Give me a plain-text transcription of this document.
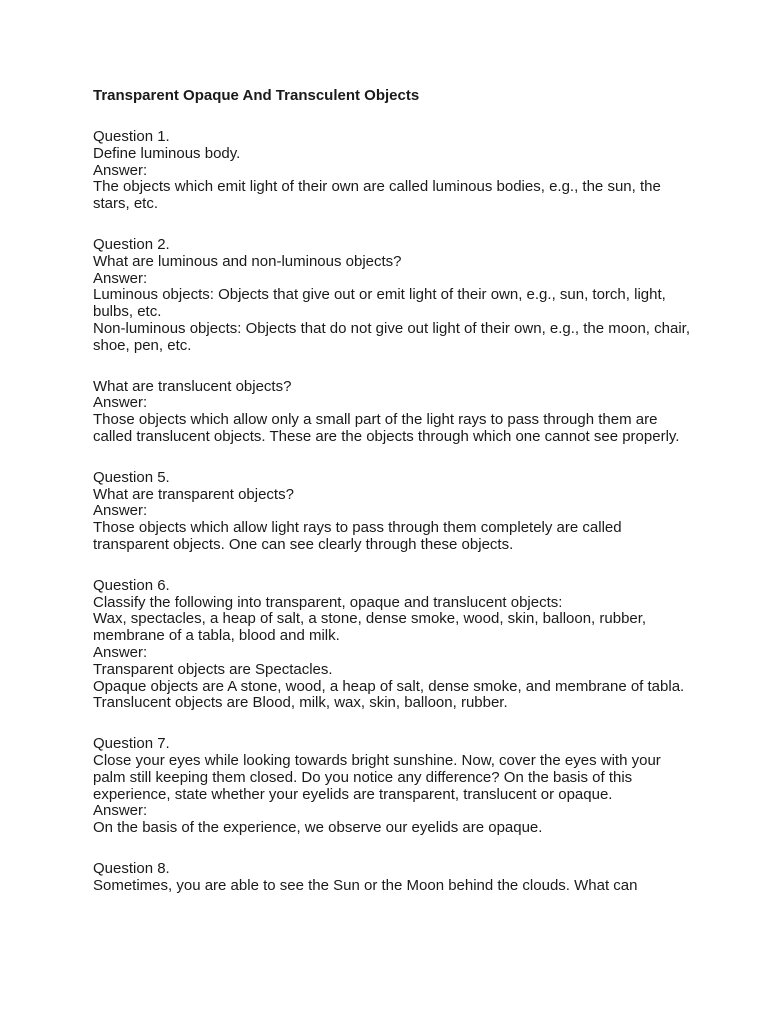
Transparent Opaque And Transculent Objects
Question 1.
Define luminous body.
Answer:
The objects which emit light of their own are called luminous bodies, e.g., the sun, the stars, etc.
Question 2.
What are luminous and non-luminous objects?
Answer:
Luminous objects: Objects that give out or emit light of their own, e.g., sun, torch, light, bulbs, etc.
Non-luminous objects: Objects that do not give out light of their own, e.g., the moon, chair, shoe, pen, etc.
What are translucent objects?
Answer:
Those objects which allow only a small part of the light rays to pass through them are called translucent objects. These are the objects through which one cannot see properly.
Question 5.
What are transparent objects?
Answer:
Those objects which allow light rays to pass through them completely are called transparent objects. One can see clearly through these objects.
Question 6.
Classify the following into transparent, opaque and translucent objects:
Wax, spectacles, a heap of salt, a stone, dense smoke, wood, skin, balloon, rubber, membrane of a tabla, blood and milk.
Answer:
Transparent objects are Spectacles.
Opaque objects are A stone, wood, a heap of salt, dense smoke, and membrane of tabla.
Translucent objects are Blood, milk, wax, skin, balloon, rubber.
Question 7.
Close your eyes while looking towards bright sunshine. Now, cover the eyes with your palm still keeping them closed. Do you notice any difference? On the basis of this experience, state whether your eyelids are transparent, translucent or opaque.
Answer:
On the basis of the experience, we observe our eyelids are opaque.
Question 8.
Sometimes, you are able to see the Sun or the Moon behind the clouds. What can
